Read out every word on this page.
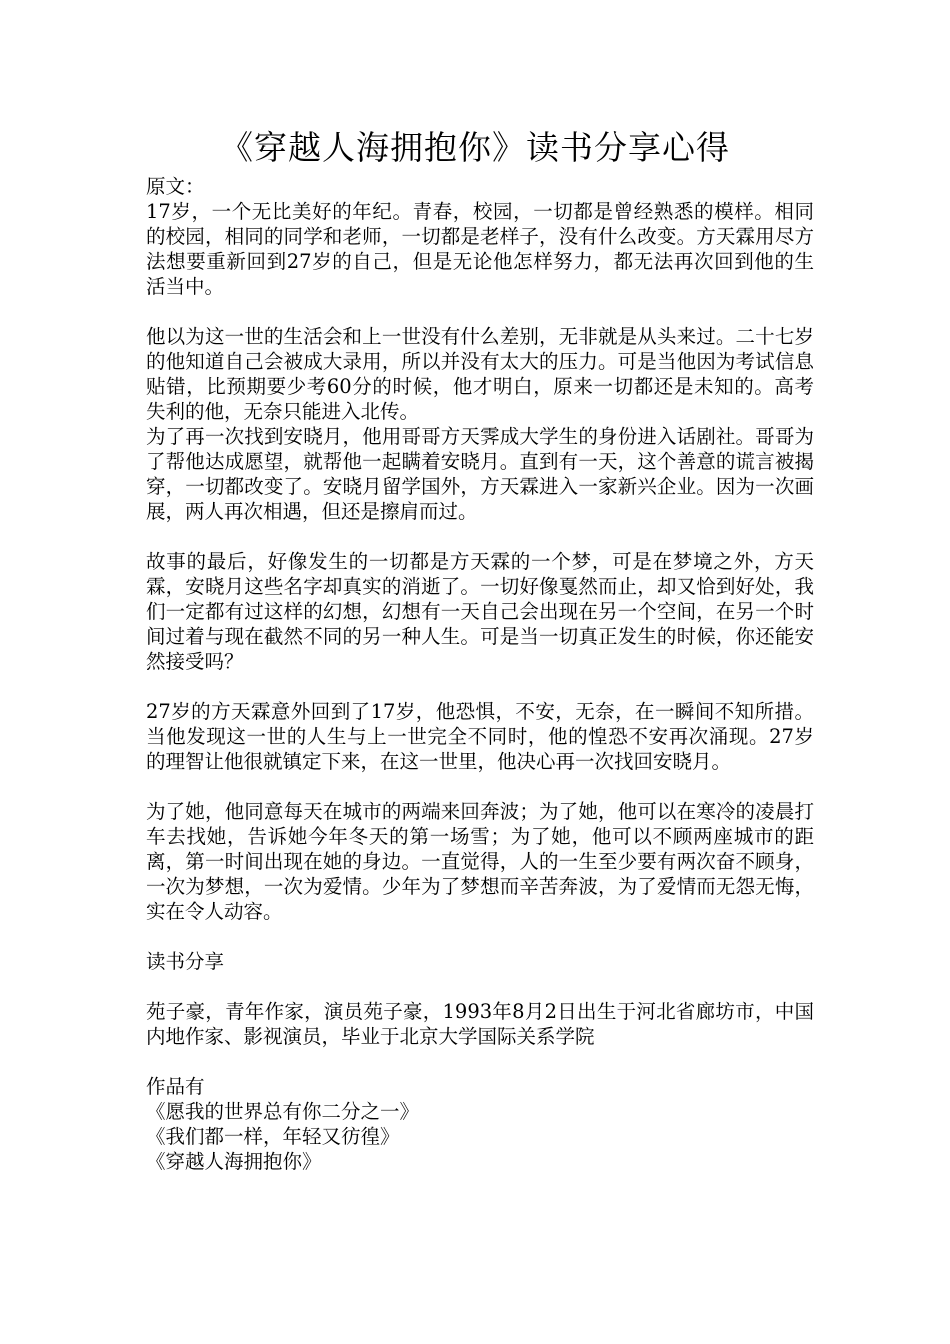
《穿越人海拥抱你》读书分享心得

原文：

17岁，一个无比美好的年纪。青春，校园，一切都是曾经熟悉的模样。相同的校园，相同的同学和老师，一切都是老样子，没有什么改变。方天霖用尽方法想要重新回到27岁的自己，但是无论他怎样努力，都无法再次回到他的生活当中。

他以为这一世的生活会和上一世没有什么差别，无非就是从头来过。二十七岁的他知道自己会被成大录用，所以并没有太大的压力。可是当他因为考试信息贴错，比预期要少考60分的时候，他才明白，原来一切都还是未知的。高考失利的他，无奈只能进入北传。

为了再一次找到安晓月，他用哥哥方天霁成大学生的身份进入话剧社。哥哥为了帮他达成愿望，就帮他一起瞒着安晓月。直到有一天，这个善意的谎言被揭穿，一切都改变了。安晓月留学国外，方天霖进入一家新兴企业。因为一次画展，两人再次相遇，但还是擦肩而过。

故事的最后，好像发生的一切都是方天霖的一个梦，可是在梦境之外，方天霖，安晓月这些名字却真实的消逝了。一切好像戛然而止，却又恰到好处，我们一定都有过这样的幻想，幻想有一天自己会出现在另一个空间，在另一个时间过着与现在截然不同的另一种人生。可是当一切真正发生的时候，你还能安然接受吗？

27岁的方天霖意外回到了17岁，他恐惧，不安，无奈，在一瞬间不知所措。当他发现这一世的人生与上一世完全不同时，他的惶恐不安再次涌现。27岁的理智让他很就镇定下来，在这一世里，他决心再一次找回安晓月。

为了她，他同意每天在城市的两端来回奔波；为了她，他可以在寒冷的凌晨打车去找她，告诉她今年冬天的第一场雪；为了她，他可以不顾两座城市的距离，第一时间出现在她的身边。一直觉得，人的一生至少要有两次奋不顾身，一次为梦想，一次为爱情。少年为了梦想而辛苦奔波，为了爱情而无怨无悔，实在令人动容。

读书分享

苑子豪，青年作家，演员苑子豪，1993年8月2日出生于河北省廊坊市，中国内地作家、影视演员，毕业于北京大学国际关系学院

作品有

《愿我的世界总有你二分之一》
《我们都一样，年轻又彷徨》
《穿越人海拥抱你》
